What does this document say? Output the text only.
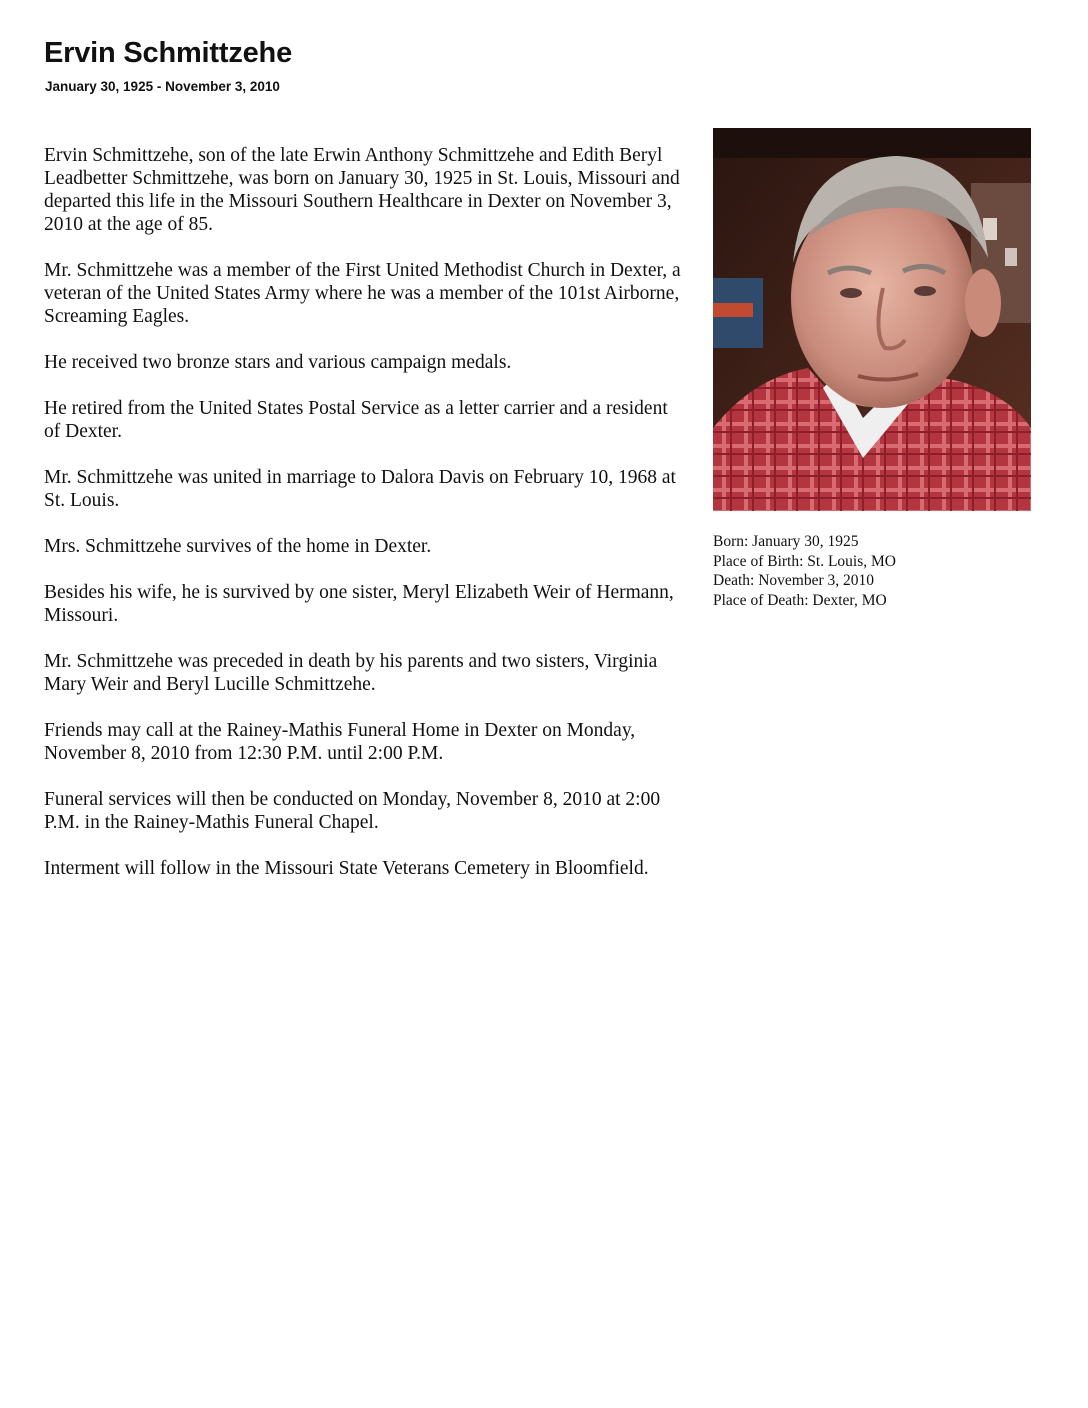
Ervin Schmittzehe
January 30, 1925 - November 3, 2010

Ervin Schmittzehe, son of the late Erwin Anthony Schmittzehe and Edith Beryl Leadbetter Schmittzehe, was born on January 30, 1925 in St. Louis, Missouri and departed this life in the Missouri Southern Healthcare in Dexter on November 3, 2010 at the age of 85.

Mr. Schmittzehe was a member of the First United Methodist Church in Dexter, a veteran of the United States Army where he was a member of the 101st Airborne, Screaming Eagles.

He received two bronze stars and various campaign medals.

He retired from the United States Postal Service as a letter carrier and a resident of Dexter.

Mr. Schmittzehe was united in marriage to Dalora Davis on February 10, 1968 at St. Louis.

Mrs. Schmittzehe survives of the home in Dexter.

Besides his wife, he is survived by one sister, Meryl Elizabeth Weir of Hermann, Missouri.

Mr. Schmittzehe was preceded in death by his parents and two sisters, Virginia Mary Weir and Beryl Lucille Schmittzehe.

Friends may call at the Rainey-Mathis Funeral Home in Dexter on Monday, November 8, 2010 from 12:30 P.M. until 2:00 P.M.

Funeral services will then be conducted on Monday, November 8, 2010 at 2:00 P.M. in the Rainey-Mathis Funeral Chapel.

Interment will follow in the Missouri State Veterans Cemetery in Bloomfield.

Born: January 30, 1925
Place of Birth: St. Louis, MO
Death: November 3, 2010
Place of Death: Dexter, MO
